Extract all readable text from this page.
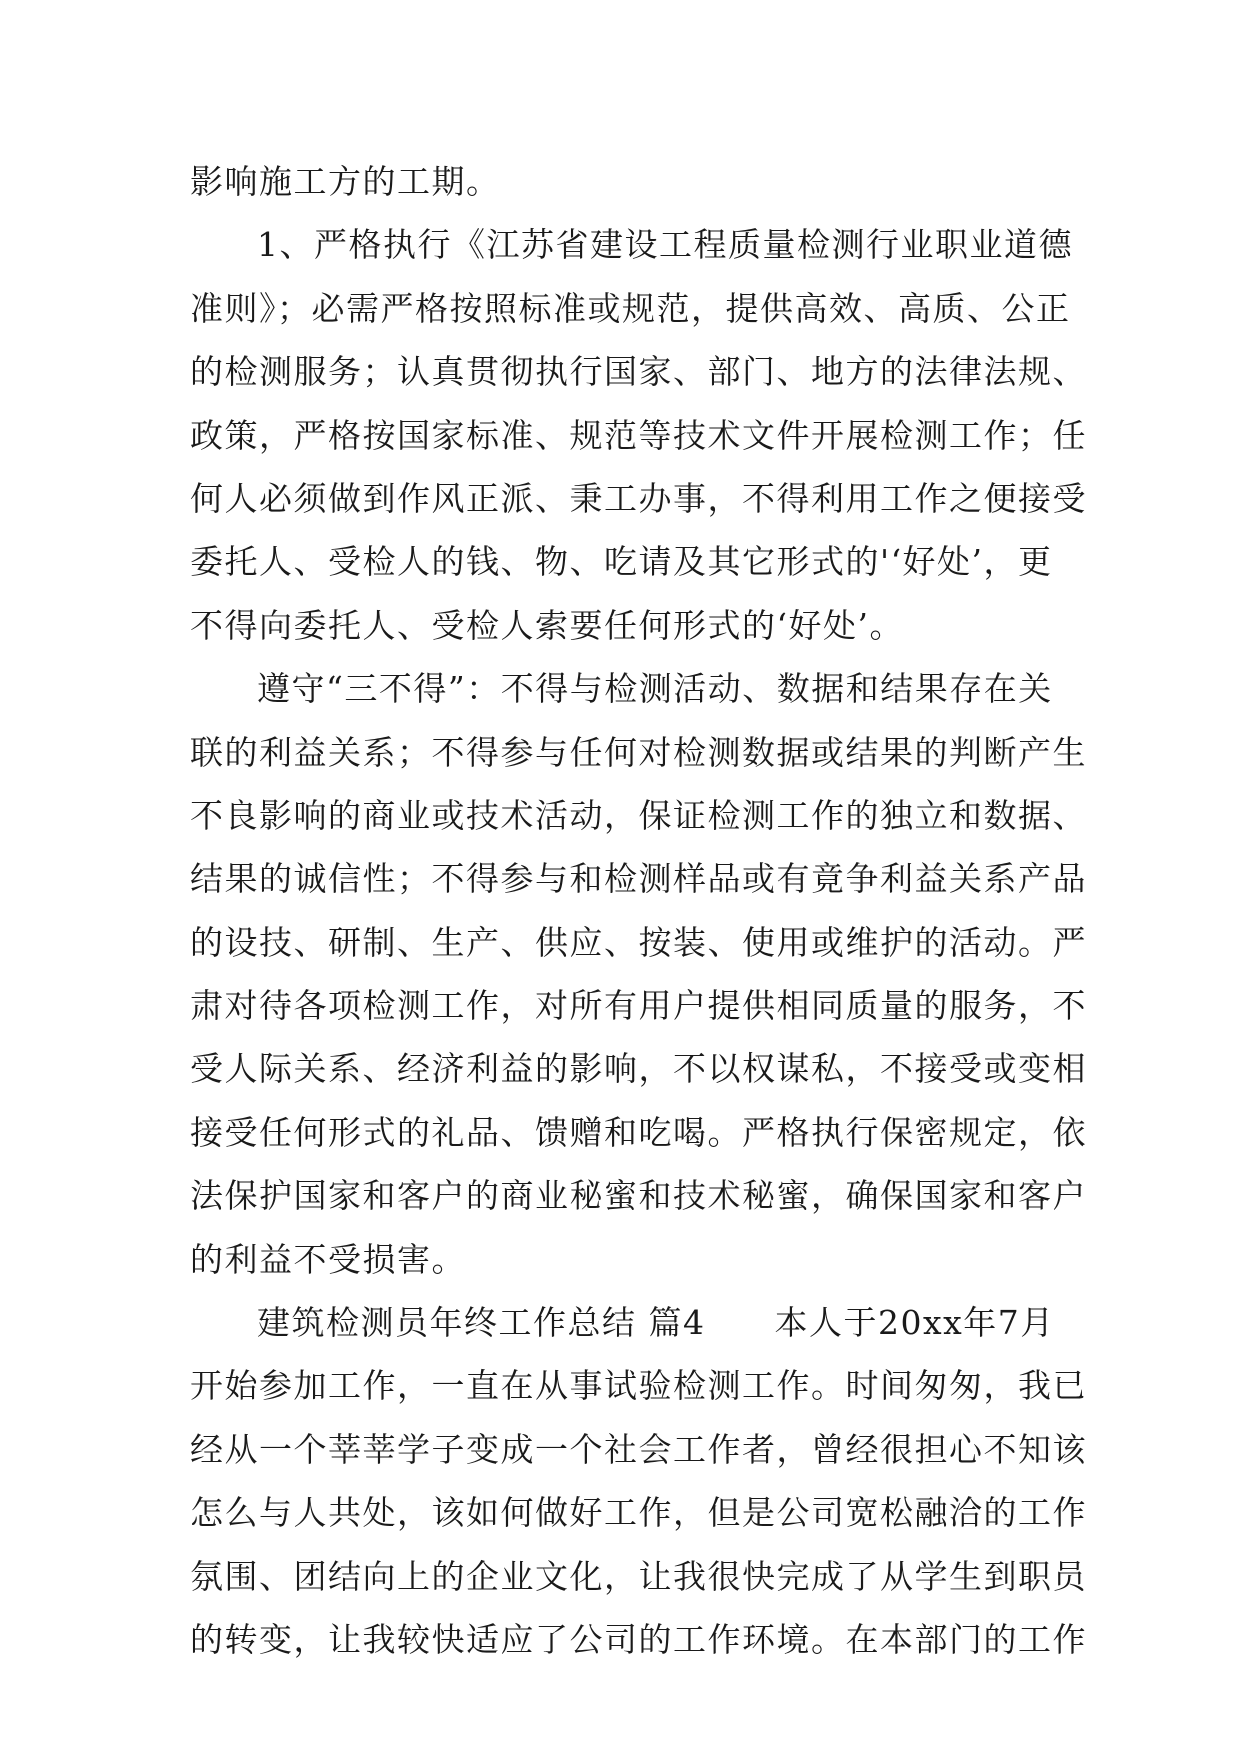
影响施工方的工期。
1、严格执行《江苏省建设工程质量检测行业职业道德
准则》；必需严格按照标准或规范，提供高效、高质、公正
的检测服务；认真贯彻执行国家、部门、地方的法律法规、
政策，严格按国家标准、规范等技术文件开展检测工作；任
何人必须做到作风正派、秉工办事，不得利用工作之便接受
委托人、受检人的钱、物、吃请及其它形式的'‘好处’，更
不得向委托人、受检人索要任何形式的‘好处’。
遵守“三不得”：不得与检测活动、数据和结果存在关
联的利益关系；不得参与任何对检测数据或结果的判断产生
不良影响的商业或技术活动，保证检测工作的独立和数据、
结果的诚信性；不得参与和检测样品或有竟争利益关系产品
的设技、研制、生产、供应、按装、使用或维护的活动。严
肃对待各项检测工作，对所有用户提供相同质量的服务，不
受人际关系、经济利益的影响，不以权谋私，不接受或变相
接受任何形式的礼品、馈赠和吃喝。严格执行保密规定，依
法保护国家和客户的商业秘蜜和技术秘蜜，确保国家和客户
的利益不受损害。
建筑检测员年终工作总结 篇4　　本人于20xx年7月
开始参加工作，一直在从事试验检测工作。时间匆匆，我已
经从一个莘莘学子变成一个社会工作者，曾经很担心不知该
怎么与人共处，该如何做好工作，但是公司宽松融洽的工作
氛围、团结向上的企业文化，让我很快完成了从学生到职员
的转变，让我较快适应了公司的工作环境。在本部门的工作
